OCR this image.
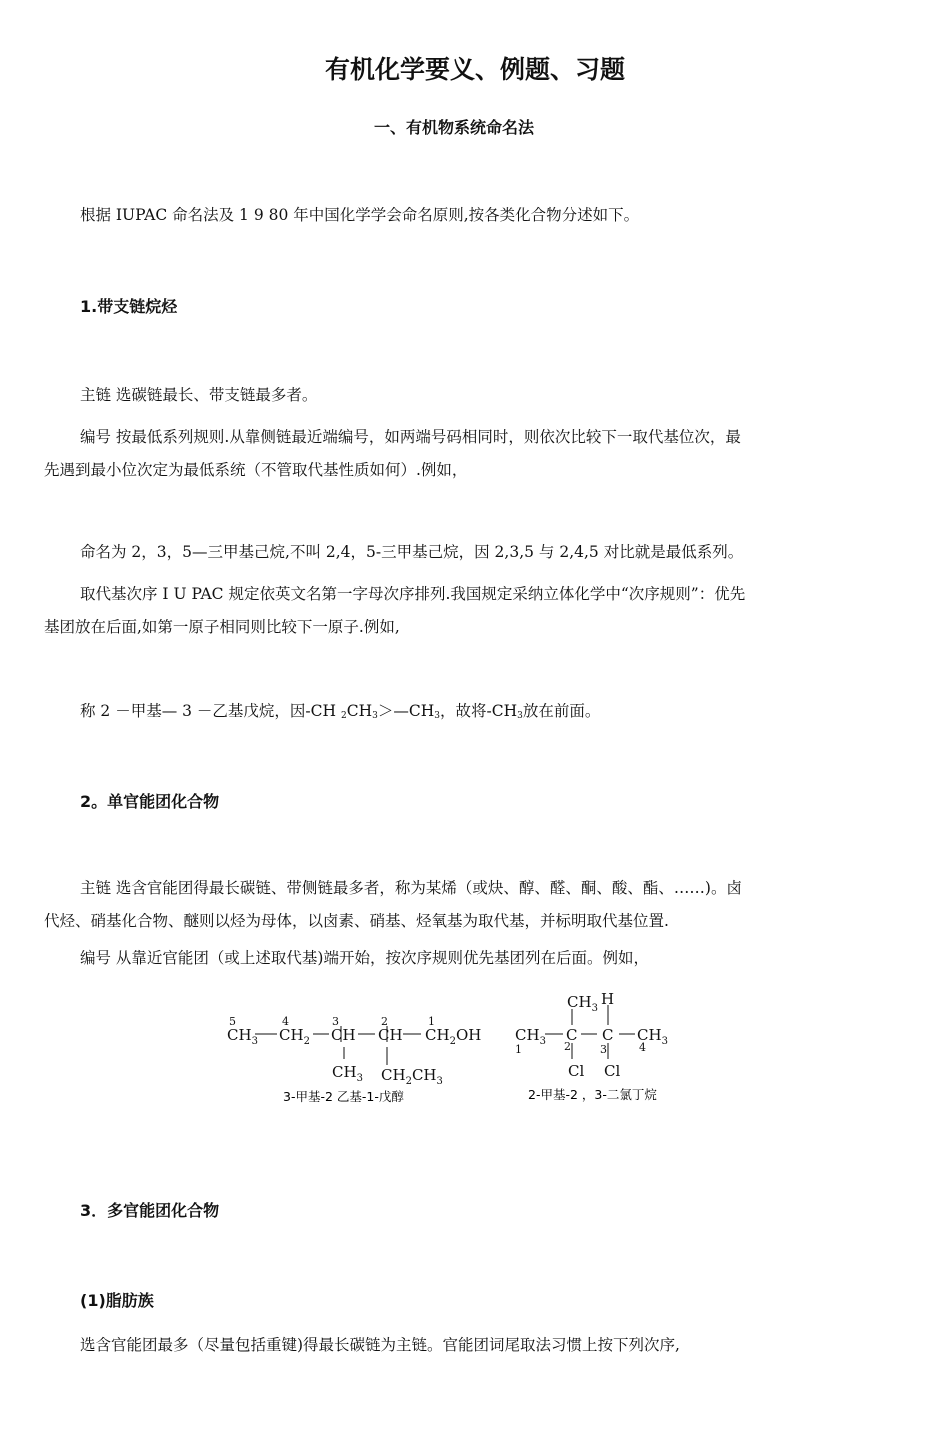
有机化学要义、例题、习题
一、有机物系统命名法
根据 IUPAC 命名法及 1 9 80 年中国化学学会命名原则,按各类化合物分述如下。
1.带支链烷烃
主链 选碳链最长、带支链最多者。
编号 按最低系列规则.从靠侧链最近端编号，如两端号码相同时，则依次比较下一取代基位次，最
先遇到最小位次定为最低系统（不管取代基性质如何）.例如，
命名为 2，3，5—三甲基己烷,不叫 2,4，5-三甲基己烷，因 2,3,5 与 2,4,5 对比就是最低系列。
取代基次序 I U PAC 规定依英文名第一字母次序排列.我国规定采纳立体化学中“次序规则”：优先
基团放在后面,如第一原子相同则比较下一原子.例如,
称 2 －甲基— 3 －乙基戊烷，因-CH $_2CH_3>—CH_3$，故将$-CH_3$放在前面。
2。单官能团化合物
主链 选含官能团得最长碳链、带侧链最多者，称为某烯（或炔、醇、醛、酮、酸、酯、……)。卤
代烃、硝基化合物、醚则以烃为母体，以卤素、硝基、烃氧基为取代基，并标明取代基位置.
编号 从靠近官能团（或上述取代基)端开始，按次序规则优先基团列在后面。例如，
$CH_3$ $CH_2$ CH CH $CH_2OH$
$CH_3$ $CH_2CH_3$
$CH_3$
H
$CH_3$
C C $CH_3$
Cl Cl
5	4	3	2	1
1	2	3	4
3-甲基-2 乙基-1-戊醇	2-甲基-2 ，3-二氯丁烷
3．多官能团化合物
(1)脂肪族
选含官能团最多（尽量包括重键)得最长碳链为主链。官能团词尾取法习惯上按下列次序,
